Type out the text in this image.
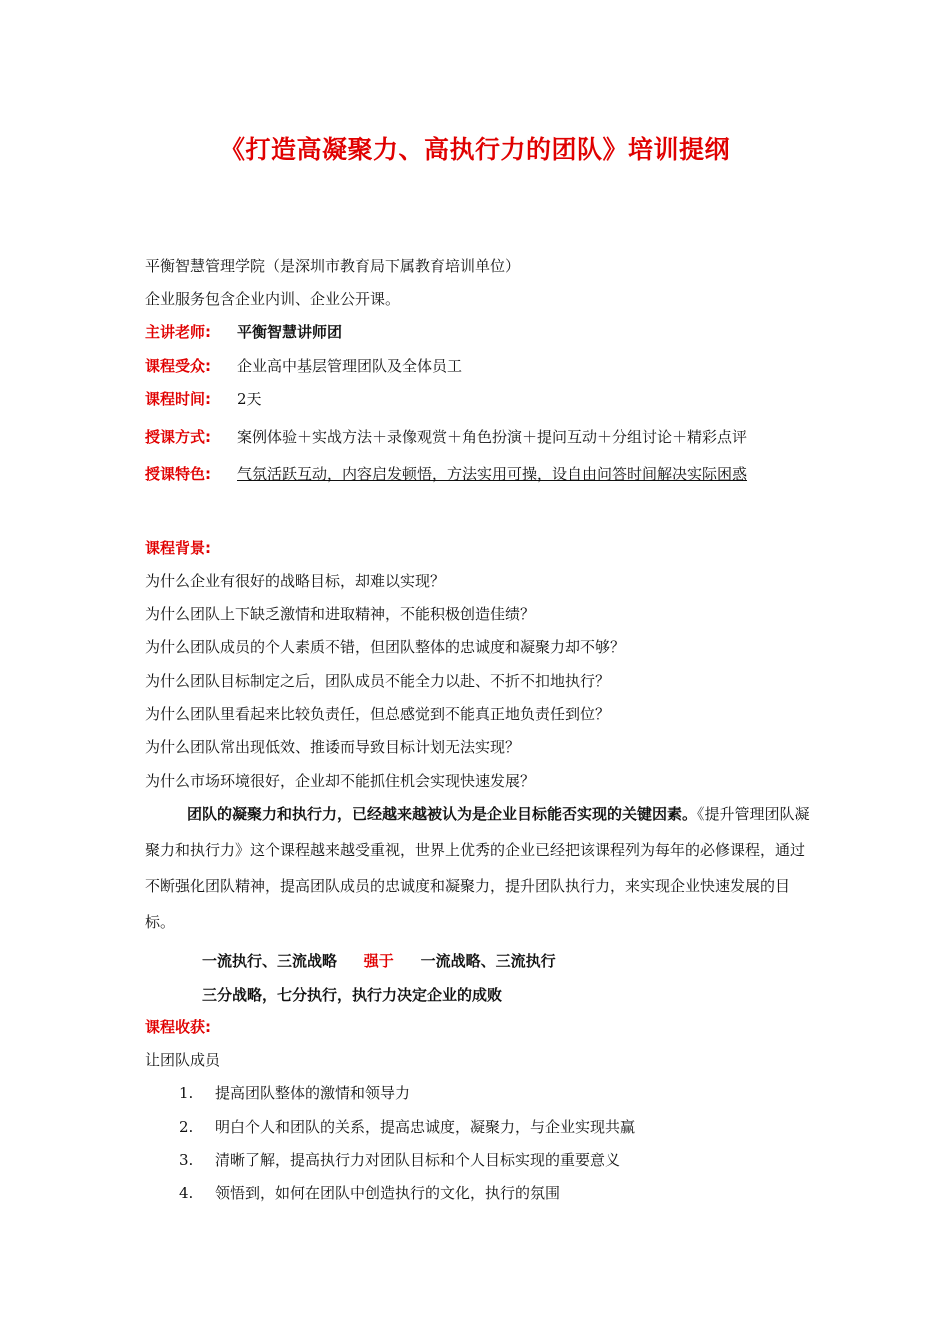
《打造高凝聚力、高执行力的团队》培训提纲
平衡智慧管理学院（是深圳市教育局下属教育培训单位）
企业服务包含企业内训、企业公开课。
主讲老师: 平衡智慧讲师团
课程受众: 企业高中基层管理团队及全体员工
课程时间: 2天
授课方式: 案例体验＋实战方法＋录像观赏＋角色扮演＋提问互动＋分组讨论＋精彩点评
授课特色: 气氛活跃互动，内容启发顿悟，方法实用可操，设自由问答时间解决实际困惑
课程背景:
为什么企业有很好的战略目标，却难以实现？
为什么团队上下缺乏激情和进取精神，不能积极创造佳绩？
为什么团队成员的个人素质不错，但团队整体的忠诚度和凝聚力却不够？
为什么团队目标制定之后，团队成员不能全力以赴、不折不扣地执行？
为什么团队里看起来比较负责任，但总感觉到不能真正地负责任到位？
为什么团队常出现低效、推诿而导致目标计划无法实现？
为什么市场环境很好，企业却不能抓住机会实现快速发展？
团队的凝聚力和执行力，已经越来越被认为是企业目标能否实现的关键因素。《提升管理团队凝聚力和执行力》这个课程越来越受重视，世界上优秀的企业已经把该课程列为每年的必修课程，通过不断强化团队精神，提高团队成员的忠诚度和凝聚力，提升团队执行力，来实现企业快速发展的目标。
一流执行、三流战略 强于 一流战略、三流执行
三分战略，七分执行，执行力决定企业的成败
课程收获:
让团队成员
1. 提高团队整体的激情和领导力
2. 明白个人和团队的关系，提高忠诚度，凝聚力，与企业实现共赢
3. 清晰了解，提高执行力对团队目标和个人目标实现的重要意义
4. 领悟到，如何在团队中创造执行的文化，执行的氛围
